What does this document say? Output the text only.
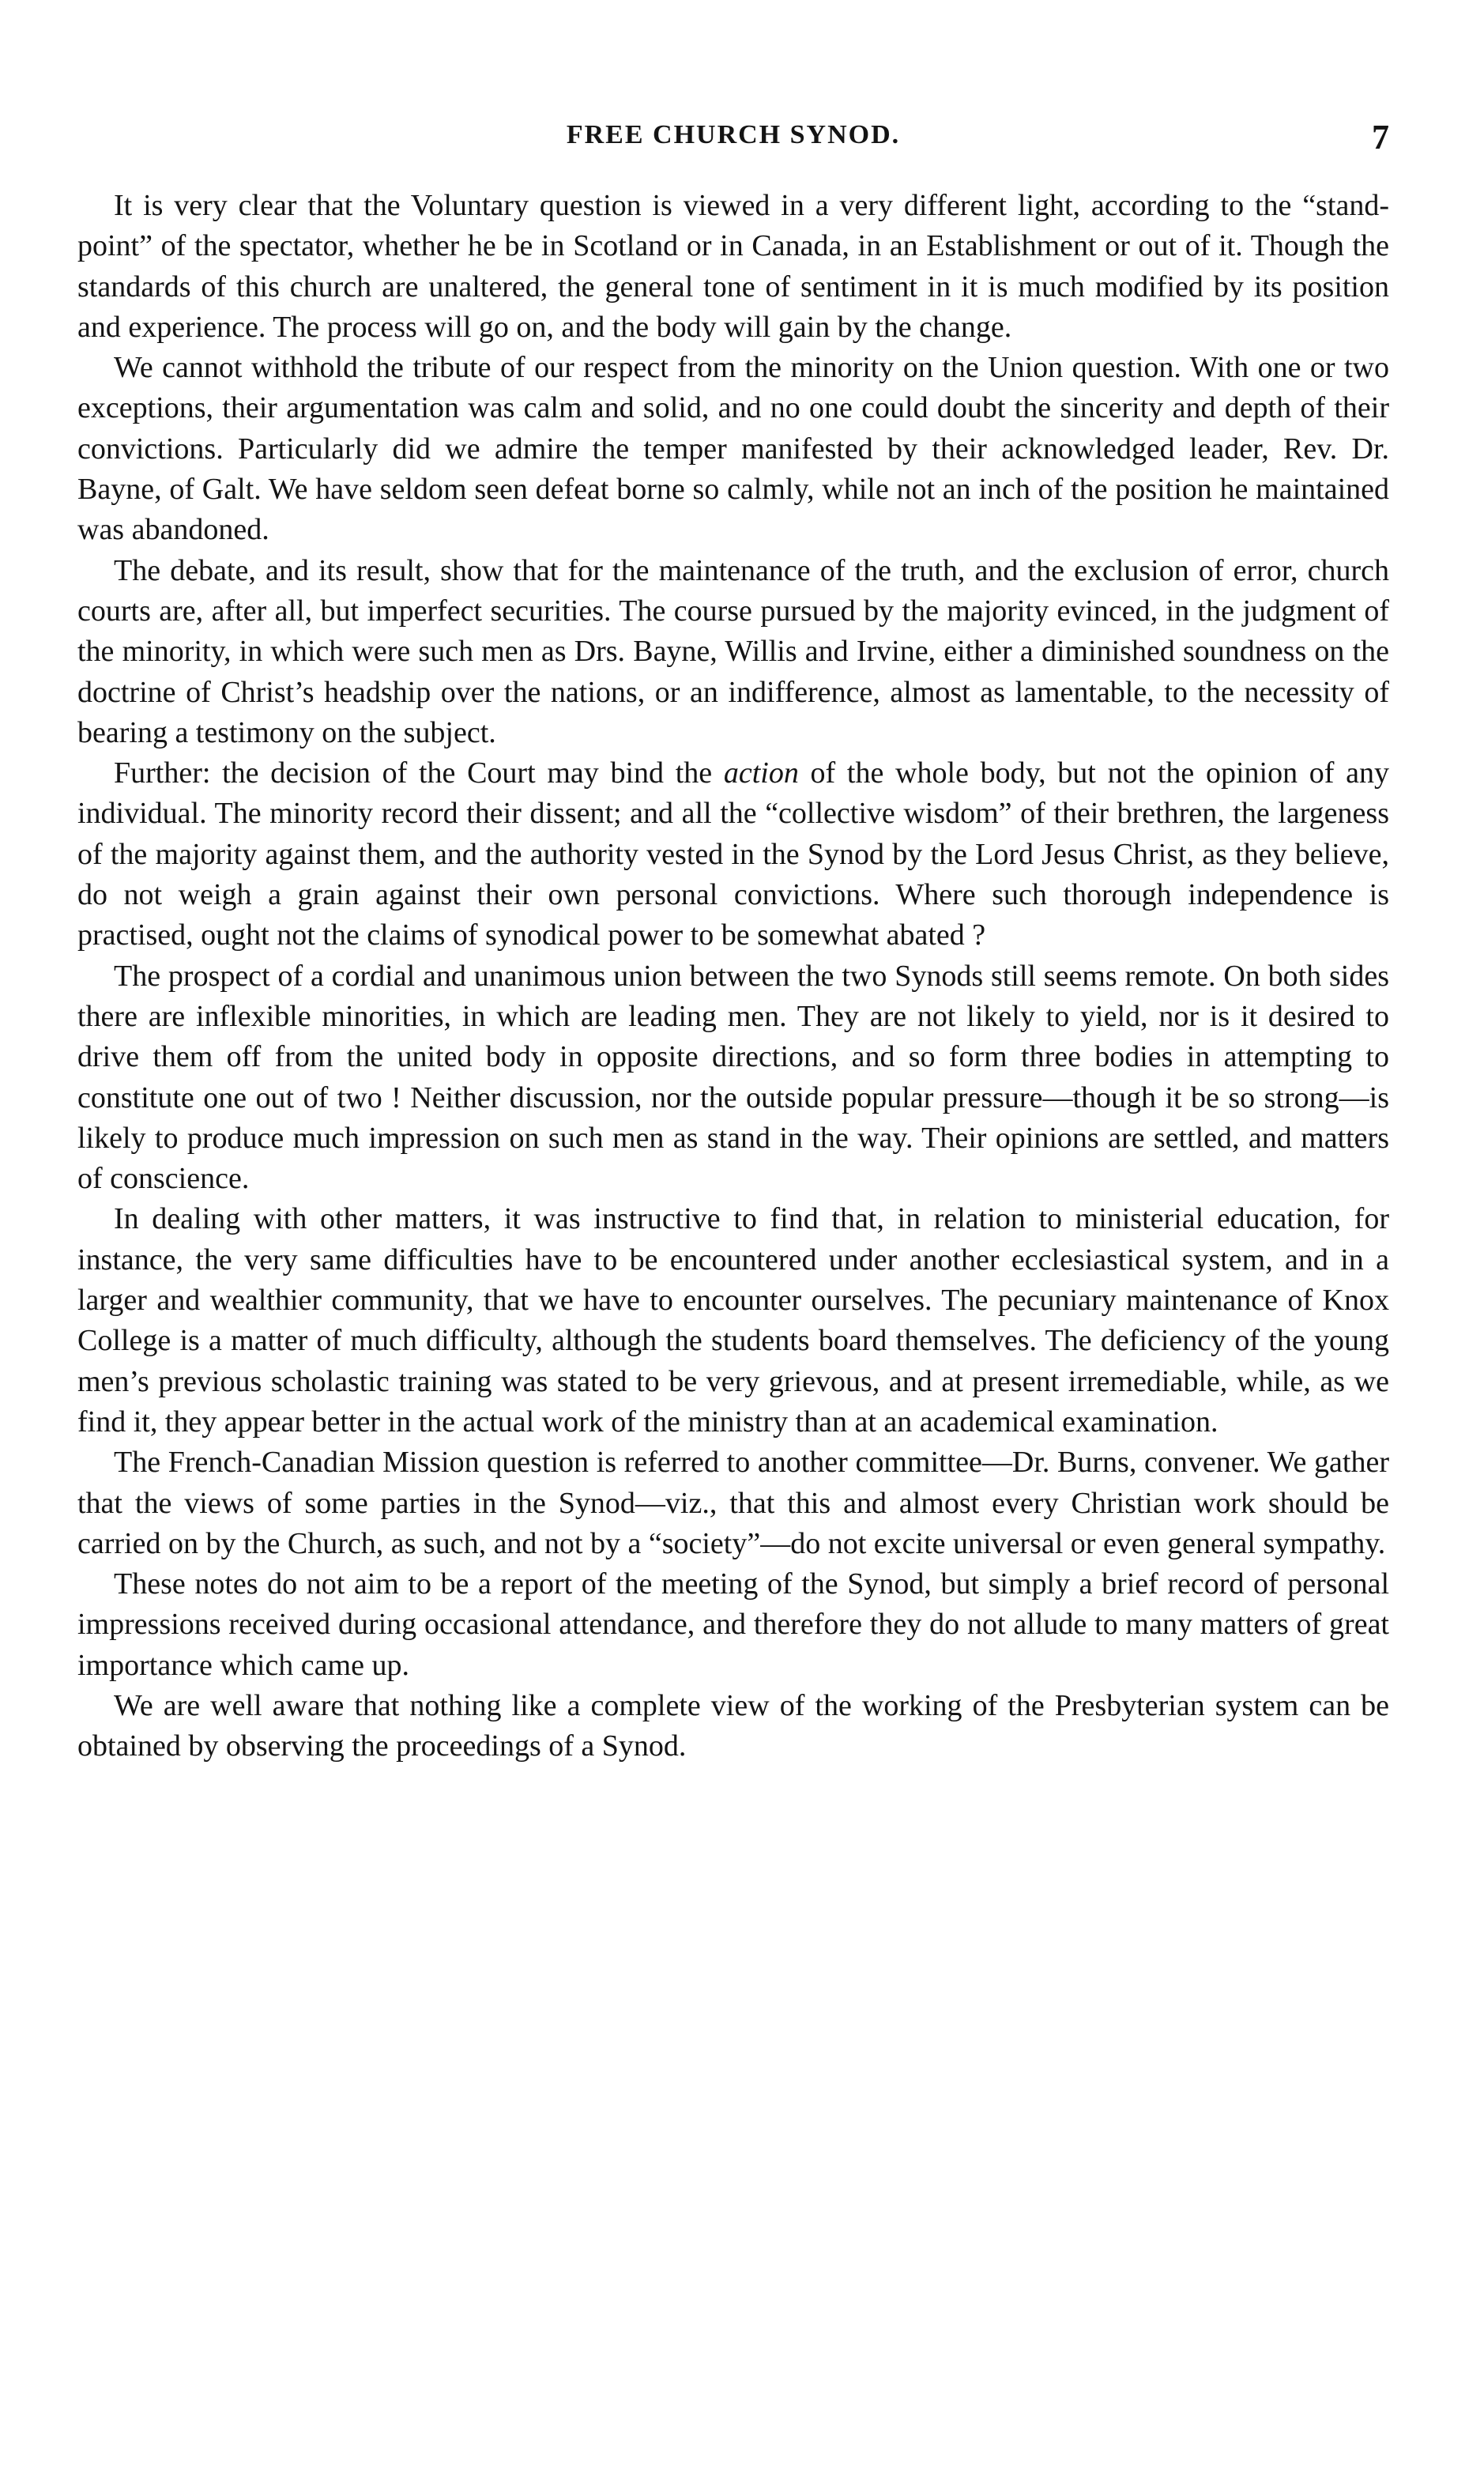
FREE CHURCH SYNOD.	7

It is very clear that the Voluntary question is viewed in a very different light, according to the “stand-point” of the spectator, whether he be in Scotland or in Canada, in an Establishment or out of it. Though the standards of this church are unaltered, the general tone of sentiment in it is much modified by its position and experience. The process will go on, and the body will gain by the change.

We cannot withhold the tribute of our respect from the minority on the Union question. With one or two exceptions, their argumentation was calm and solid, and no one could doubt the sincerity and depth of their convictions. Particularly did we admire the temper manifested by their acknowledged leader, Rev. Dr. Bayne, of Galt. We have seldom seen defeat borne so calmly, while not an inch of the position he maintained was abandoned.

The debate, and its result, show that for the maintenance of the truth, and the exclusion of error, church courts are, after all, but imperfect securities. The course pursued by the majority evinced, in the judgment of the minority, in which were such men as Drs. Bayne, Willis and Irvine, either a diminished soundness on the doctrine of Christ’s headship over the nations, or an indifference, almost as lamentable, to the necessity of bearing a testimony on the subject.

Further: the decision of the Court may bind the action of the whole body, but not the opinion of any individual. The minority record their dissent; and all the “collective wisdom” of their brethren, the largeness of the majority against them, and the authority vested in the Synod by the Lord Jesus Christ, as they believe, do not weigh a grain against their own personal convictions. Where such thorough independence is practised, ought not the claims of synodical power to be somewhat abated ?

The prospect of a cordial and unanimous union between the two Synods still seems remote. On both sides there are inflexible minorities, in which are leading men. They are not likely to yield, nor is it desired to drive them off from the united body in opposite directions, and so form three bodies in attempting to constitute one out of two ! Neither discussion, nor the outside popular pressure—though it be so strong—is likely to produce much impression on such men as stand in the way. Their opinions are settled, and matters of conscience.

In dealing with other matters, it was instructive to find that, in relation to ministerial education, for instance, the very same difficulties have to be encountered under another ecclesiastical system, and in a larger and wealthier community, that we have to encounter ourselves. The pecuniary maintenance of Knox College is a matter of much difficulty, although the students board themselves. The deficiency of the young men’s previous scholastic training was stated to be very grievous, and at present irremediable, while, as we find it, they appear better in the actual work of the ministry than at an academical examination.

The French-Canadian Mission question is referred to another committee—Dr. Burns, convener. We gather that the views of some parties in the Synod—viz., that this and almost every Christian work should be carried on by the Church, as such, and not by a “society”—do not excite universal or even general sympathy.

These notes do not aim to be a report of the meeting of the Synod, but simply a brief record of personal impressions received during occasional attendance, and therefore they do not allude to many matters of great importance which came up.

We are well aware that nothing like a complete view of the working of the Presbyterian system can be obtained by observing the proceedings of a Synod.
